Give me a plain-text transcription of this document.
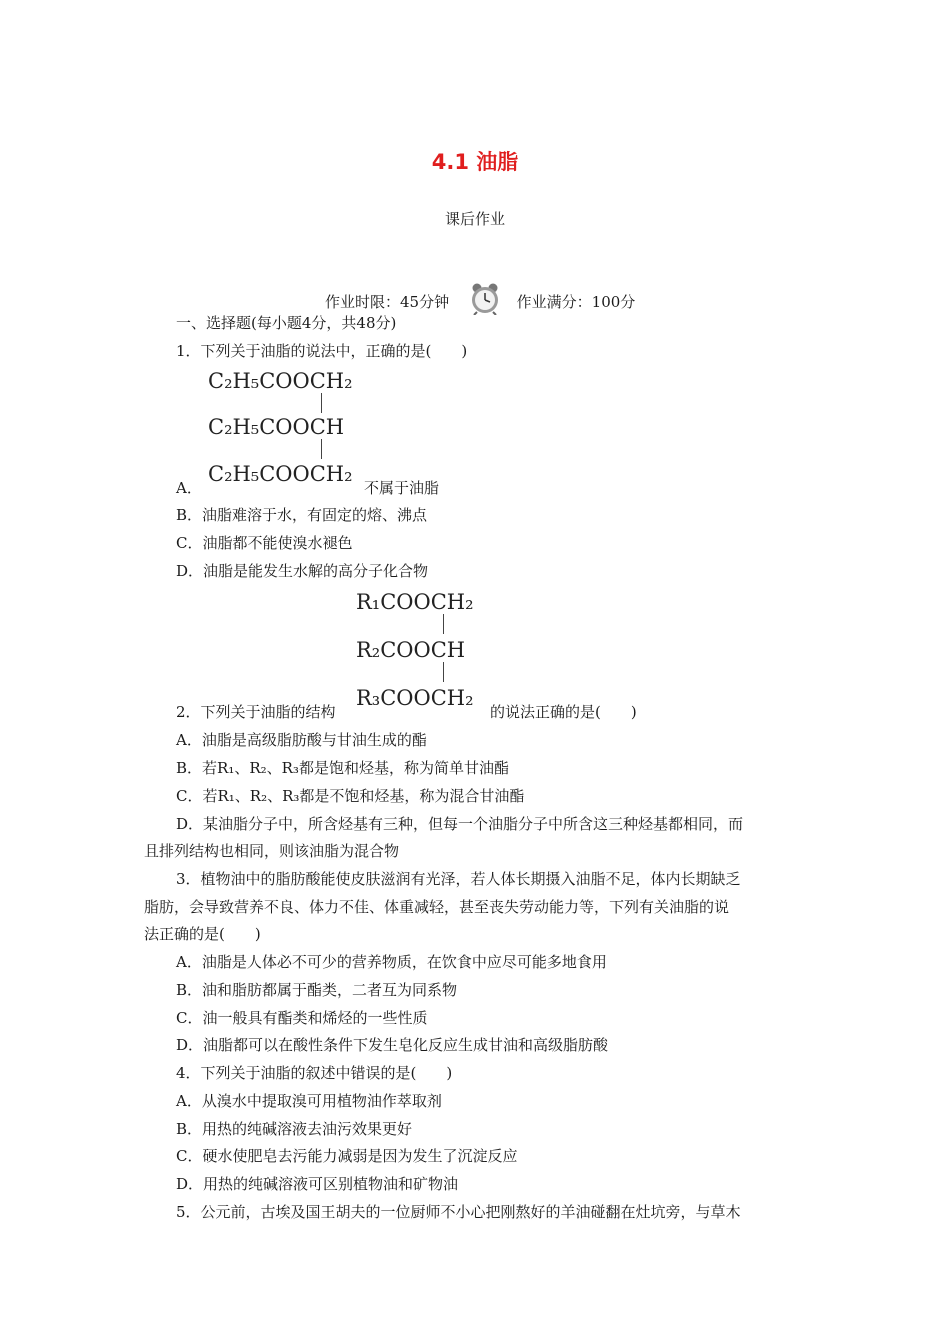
4.1 油脂
课后作业
作业时限：45分钟	作业满分：100分
一、选择题(每小题4分，共48分)
1．下列关于油脂的说法中，正确的是(　　)
C₂H₅COOCH₂
C₂H₅COOCH
C₂H₅COOCH₂
A．	不属于油脂
B．油脂难溶于水，有固定的熔、沸点
C．油脂都不能使溴水褪色
D．油脂是能发生水解的高分子化合物
R₁COOCH₂
R₂COOCH
R₃COOCH₂
2．下列关于油脂的结构	的说法正确的是(　　)
A．油脂是高级脂肪酸与甘油生成的酯
B．若R₁、R₂、R₃都是饱和烃基，称为简单甘油酯
C．若R₁、R₂、R₃都是不饱和烃基，称为混合甘油酯
D．某油脂分子中，所含烃基有三种，但每一个油脂分子中所含这三种烃基都相同，而
且排列结构也相同，则该油脂为混合物
3．植物油中的脂肪酸能使皮肤滋润有光泽，若人体长期摄入油脂不足，体内长期缺乏
脂肪，会导致营养不良、体力不佳、体重减轻，甚至丧失劳动能力等，下列有关油脂的说
法正确的是(　　)
A．油脂是人体必不可少的营养物质，在饮食中应尽可能多地食用
B．油和脂肪都属于酯类，二者互为同系物
C．油一般具有酯类和烯烃的一些性质
D．油脂都可以在酸性条件下发生皂化反应生成甘油和高级脂肪酸
4．下列关于油脂的叙述中错误的是(　　)
A．从溴水中提取溴可用植物油作萃取剂
B．用热的纯碱溶液去油污效果更好
C．硬水使肥皂去污能力减弱是因为发生了沉淀反应
D．用热的纯碱溶液可区别植物油和矿物油
5．公元前，古埃及国王胡夫的一位厨师不小心把刚熬好的羊油碰翻在灶坑旁，与草木
